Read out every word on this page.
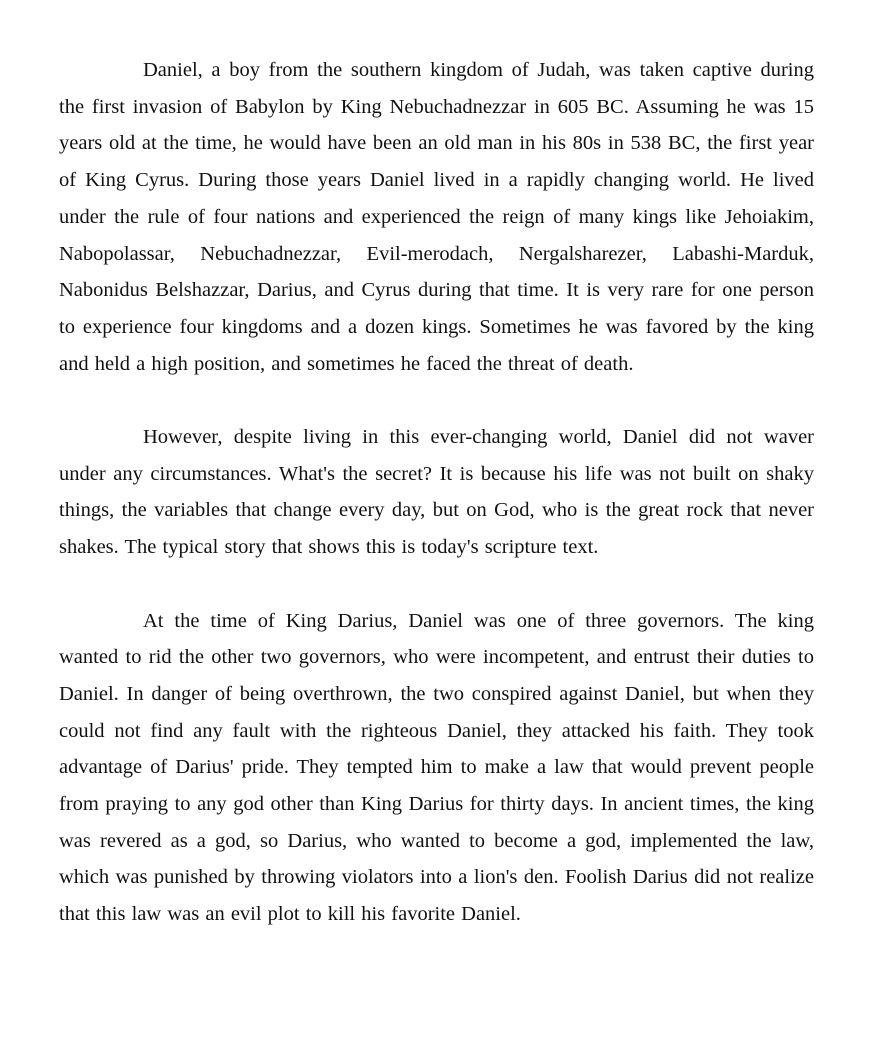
Daniel, a boy from the southern kingdom of Judah, was taken captive during the first invasion of Babylon by King Nebuchadnezzar in 605 BC. Assuming he was 15 years old at the time, he would have been an old man in his 80s in 538 BC, the first year of King Cyrus. During those years Daniel lived in a rapidly changing world. He lived under the rule of four nations and experienced the reign of many kings like Jehoiakim, Nabopolassar, Nebuchadnezzar, Evil-merodach, Nergalsharezer, Labashi-Marduk, Nabonidus Belshazzar, Darius, and Cyrus during that time. It is very rare for one person to experience four kingdoms and a dozen kings. Sometimes he was favored by the king and held a high position, and sometimes he faced the threat of death.

However, despite living in this ever-changing world, Daniel did not waver under any circumstances. What's the secret? It is because his life was not built on shaky things, the variables that change every day, but on God, who is the great rock that never shakes. The typical story that shows this is today's scripture text.

At the time of King Darius, Daniel was one of three governors. The king wanted to rid the other two governors, who were incompetent, and entrust their duties to Daniel. In danger of being overthrown, the two conspired against Daniel, but when they could not find any fault with the righteous Daniel, they attacked his faith. They took advantage of Darius' pride. They tempted him to make a law that would prevent people from praying to any god other than King Darius for thirty days. In ancient times, the king was revered as a god, so Darius, who wanted to become a god, implemented the law, which was punished by throwing violators into a lion's den. Foolish Darius did not realize that this law was an evil plot to kill his favorite Daniel.
